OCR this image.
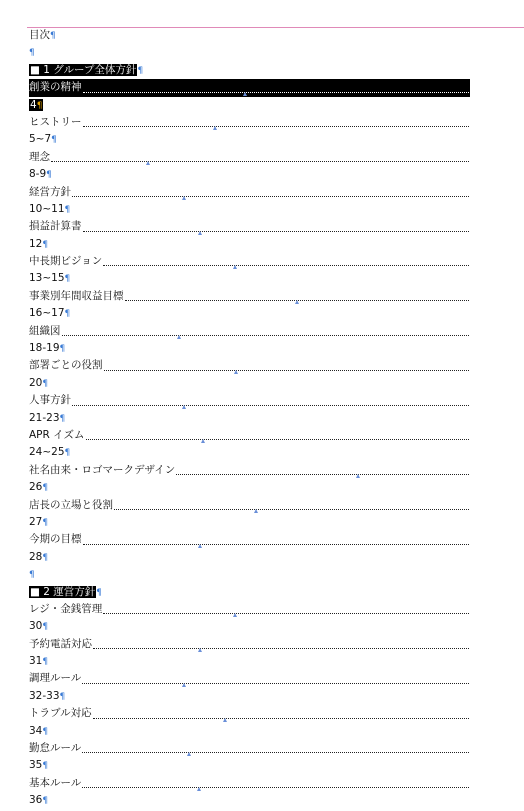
目次¶
¶
■ 1 グループ全体方針¶
創業の精神
4¶
ヒストリー
5~7¶
理念
8-9¶
経営方針
10~11¶
損益計算書
12¶
中長期ビジョン
13~15¶
事業別年間収益目標
16~17¶
組織図
18-19¶
部署ごとの役割
20¶
人事方針
21-23¶
APR イズム
24~25¶
社名由来・ロゴマークデザイン
26¶
店長の立場と役割
27¶
今期の目標
28¶
¶
■ 2 運営方針¶
レジ・金銭管理
30¶
予約電話対応
31¶
調理ルール
32-33¶
トラブル対応
34¶
勤怠ルール
35¶
基本ルール
36¶
